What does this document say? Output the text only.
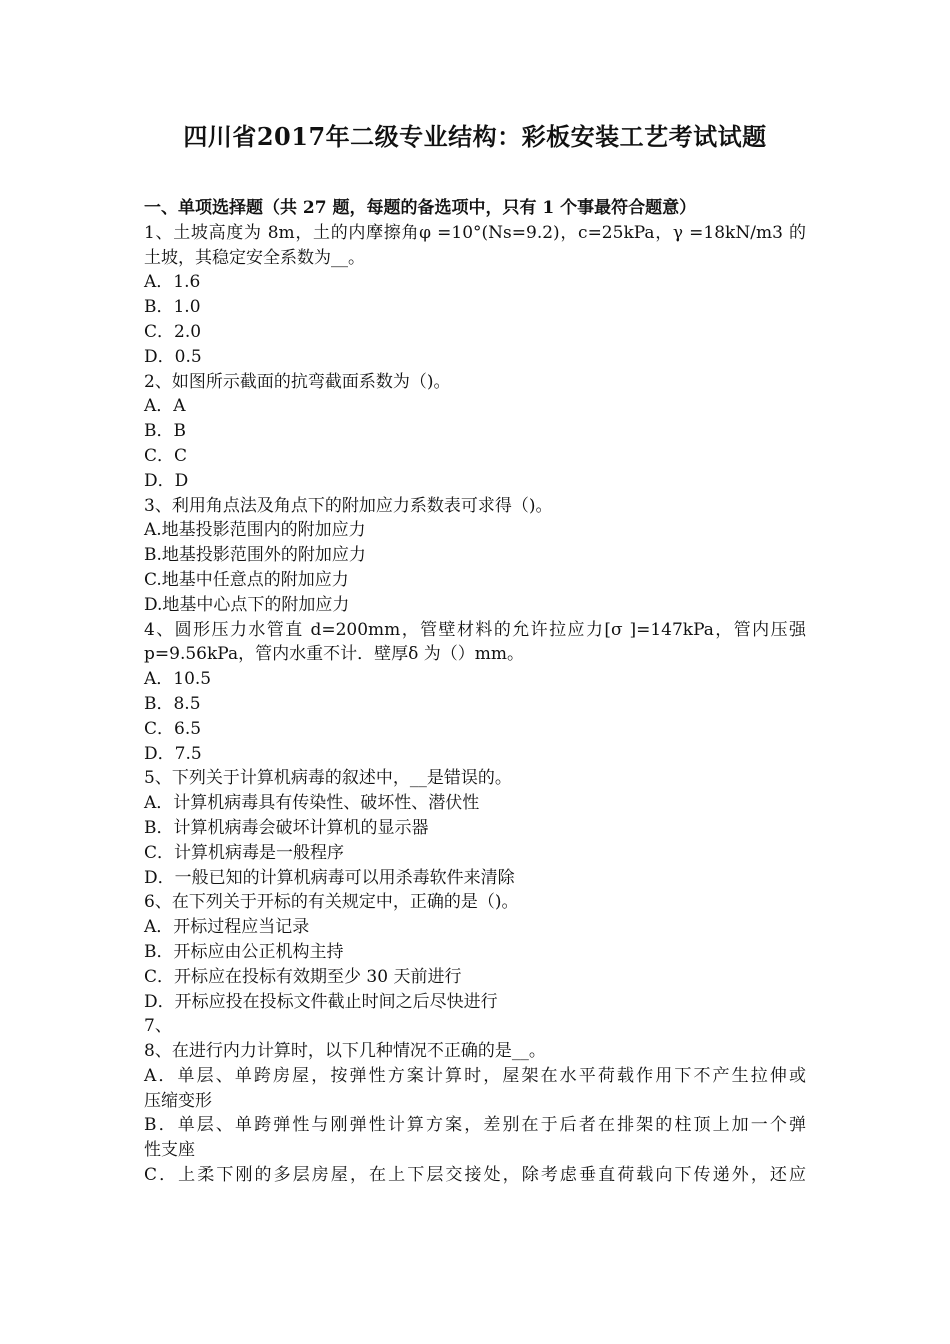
四川省2017年二级专业结构：彩板安装工艺考试试题
一、单项选择题（共 27 题，每题的备选项中，只有 1 个事最符合题意）
1、土坡高度为 8m，土的内摩擦角φ =10°(Ns=9.2)，c=25kPa，γ =18kN/m3 的
土坡，其稳定安全系数为__。
A．1.6
B．1.0
C．2.0
D．0.5
2、如图所示截面的抗弯截面系数为（)。
A．A
B．B
C．C
D．D
3、利用角点法及角点下的附加应力系数表可求得（)。
A.地基投影范围内的附加应力
B.地基投影范围外的附加应力
C.地基中任意点的附加应力
D.地基中心点下的附加应力
4、圆形压力水管直 d=200mm，管壁材料的允许拉应力[σ ]=147kPa，管内压强
p=9.56kPa，管内水重不计．壁厚δ 为（）mm。
A．10.5
B．8.5
C．6.5
D．7.5
5、下列关于计算机病毒的叙述中，__是错误的。
A．计算机病毒具有传染性、破坏性、潜伏性
B．计算机病毒会破坏计算机的显示器
C．计算机病毒是一般程序
D．一般已知的计算机病毒可以用杀毒软件来清除
6、在下列关于开标的有关规定中，正确的是（)。
A．开标过程应当记录
B．开标应由公正机构主持
C．开标应在投标有效期至少 30 天前进行
D．开标应投在投标文件截止时间之后尽快进行
7、
8、在进行内力计算时，以下几种情况不正确的是__。
A．单层、单跨房屋，按弹性方案计算时，屋架在水平荷载作用下不产生拉伸或
压缩变形
B．单层、单跨弹性与刚弹性计算方案，差别在于后者在排架的柱顶上加一个弹
性支座
C．上柔下刚的多层房屋，在上下层交接处，除考虑垂直荷载向下传递外，还应
